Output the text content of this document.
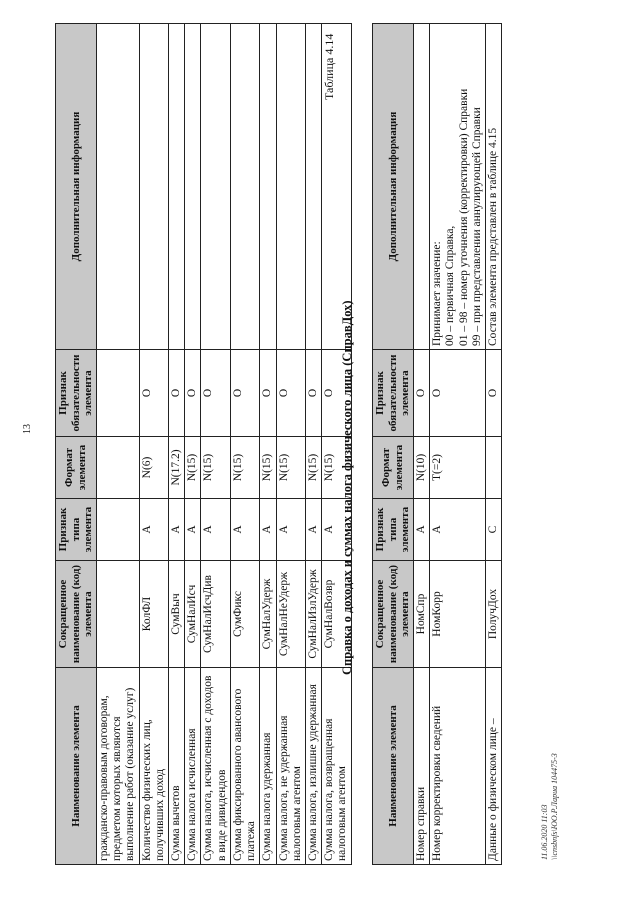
13
Наименование элемента	Сокращенное наименование (код) элемента	Признак типа элемента	Формат элемента	Признак обязательности элемента	Дополнительная информация
гражданско-правовым договорам, предметом которых являются выполнение работ (оказание услуг)					
Количество физических лиц, получивших доход	КолФЛ	А	N(6)	О	
Сумма вычетов	СумВыч	А	N(17.2)	О	
Сумма налога исчисленная	СумНалИсч	А	N(15)	О	
Сумма налога, исчисленная с доходов в виде дивидендов	СумНалИсчДив	А	N(15)	О	
Сумма фиксированного авансового платежа	СумФикс	А	N(15)	О	
Сумма налога удержанная	СумНалУдерж	А	N(15)	О	
Сумма налога, не удержанная налоговым агентом	СумНалНеУдерж	А	N(15)	О	
Сумма налога, излишне удержанная	СумНалИзлУдерж	А	N(15)	О	
Сумма налога, возвращенная налоговым агентом	СумНалВозвр	А	N(15)	О	
Таблица 4.14
Справка о доходах и суммах налога физического лица (СправДох)
Наименование элемента	Сокращенное наименование (код) элемента	Признак типа элемента	Формат элемента	Признак обязательности элемента	Дополнительная информация
Номер справки	НомСпр	А	N(10)	О	
Номер корректировки сведений	НомКорр	А	Т(=2)	О	Принимает значение:
00 – первичная Справка,
01 – 98 – номер уточнения (корректировки) Справки
99 – при представлении аннулирующей Справки
Данные о физическом лице –	ПолучДох	С		О	Состав элемента представлен в таблице 4.15
11.06.2020 11:03 \\cnsbnfs\ЮО.Р.Лариа 104475-3
